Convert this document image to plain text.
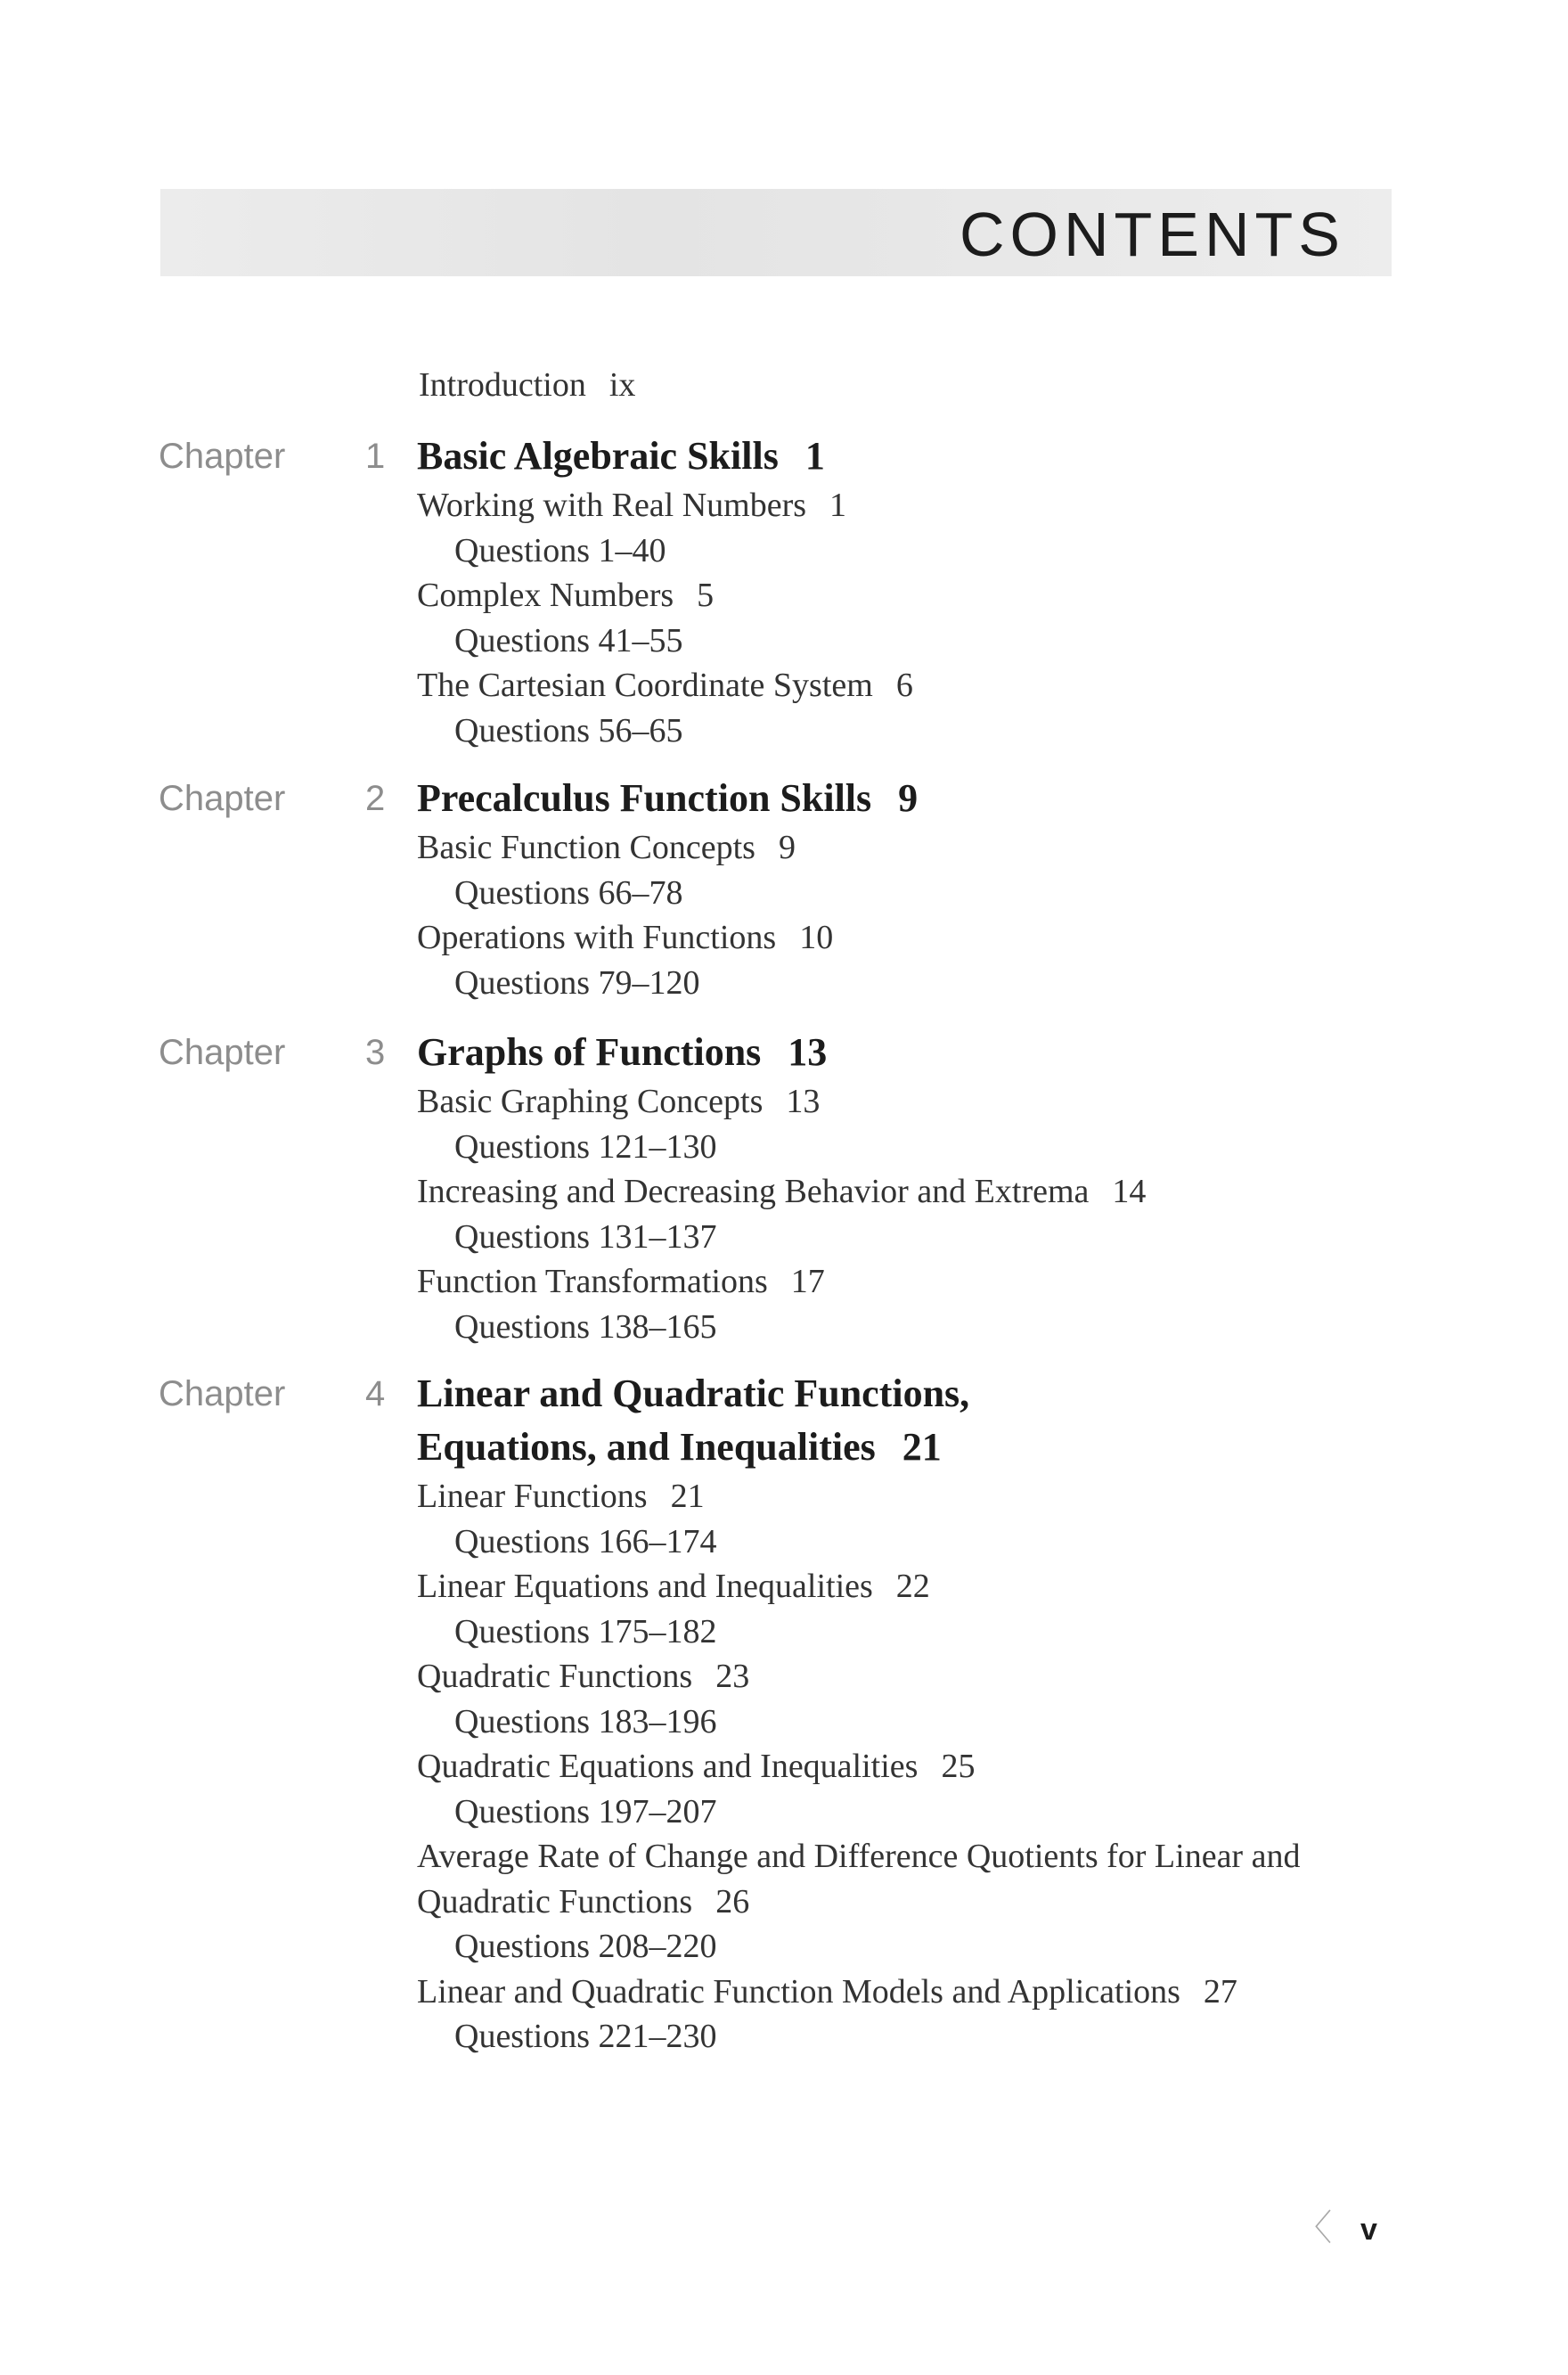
CONTENTS
Introduction ix
Chapter 1 Basic Algebraic Skills 1
Working with Real Numbers 1
Questions 1–40
Complex Numbers 5
Questions 41–55
The Cartesian Coordinate System 6
Questions 56–65
Chapter 2 Precalculus Function Skills 9
Basic Function Concepts 9
Questions 66–78
Operations with Functions 10
Questions 79–120
Chapter 3 Graphs of Functions 13
Basic Graphing Concepts 13
Questions 121–130
Increasing and Decreasing Behavior and Extrema 14
Questions 131–137
Function Transformations 17
Questions 138–165
Chapter 4 Linear and Quadratic Functions,
Equations, and Inequalities 21
Linear Functions 21
Questions 166–174
Linear Equations and Inequalities 22
Questions 175–182
Quadratic Functions 23
Questions 183–196
Quadratic Equations and Inequalities 25
Questions 197–207
Average Rate of Change and Difference Quotients for Linear and
Quadratic Functions 26
Questions 208–220
Linear and Quadratic Function Models and Applications 27
Questions 221–230
〈 v
